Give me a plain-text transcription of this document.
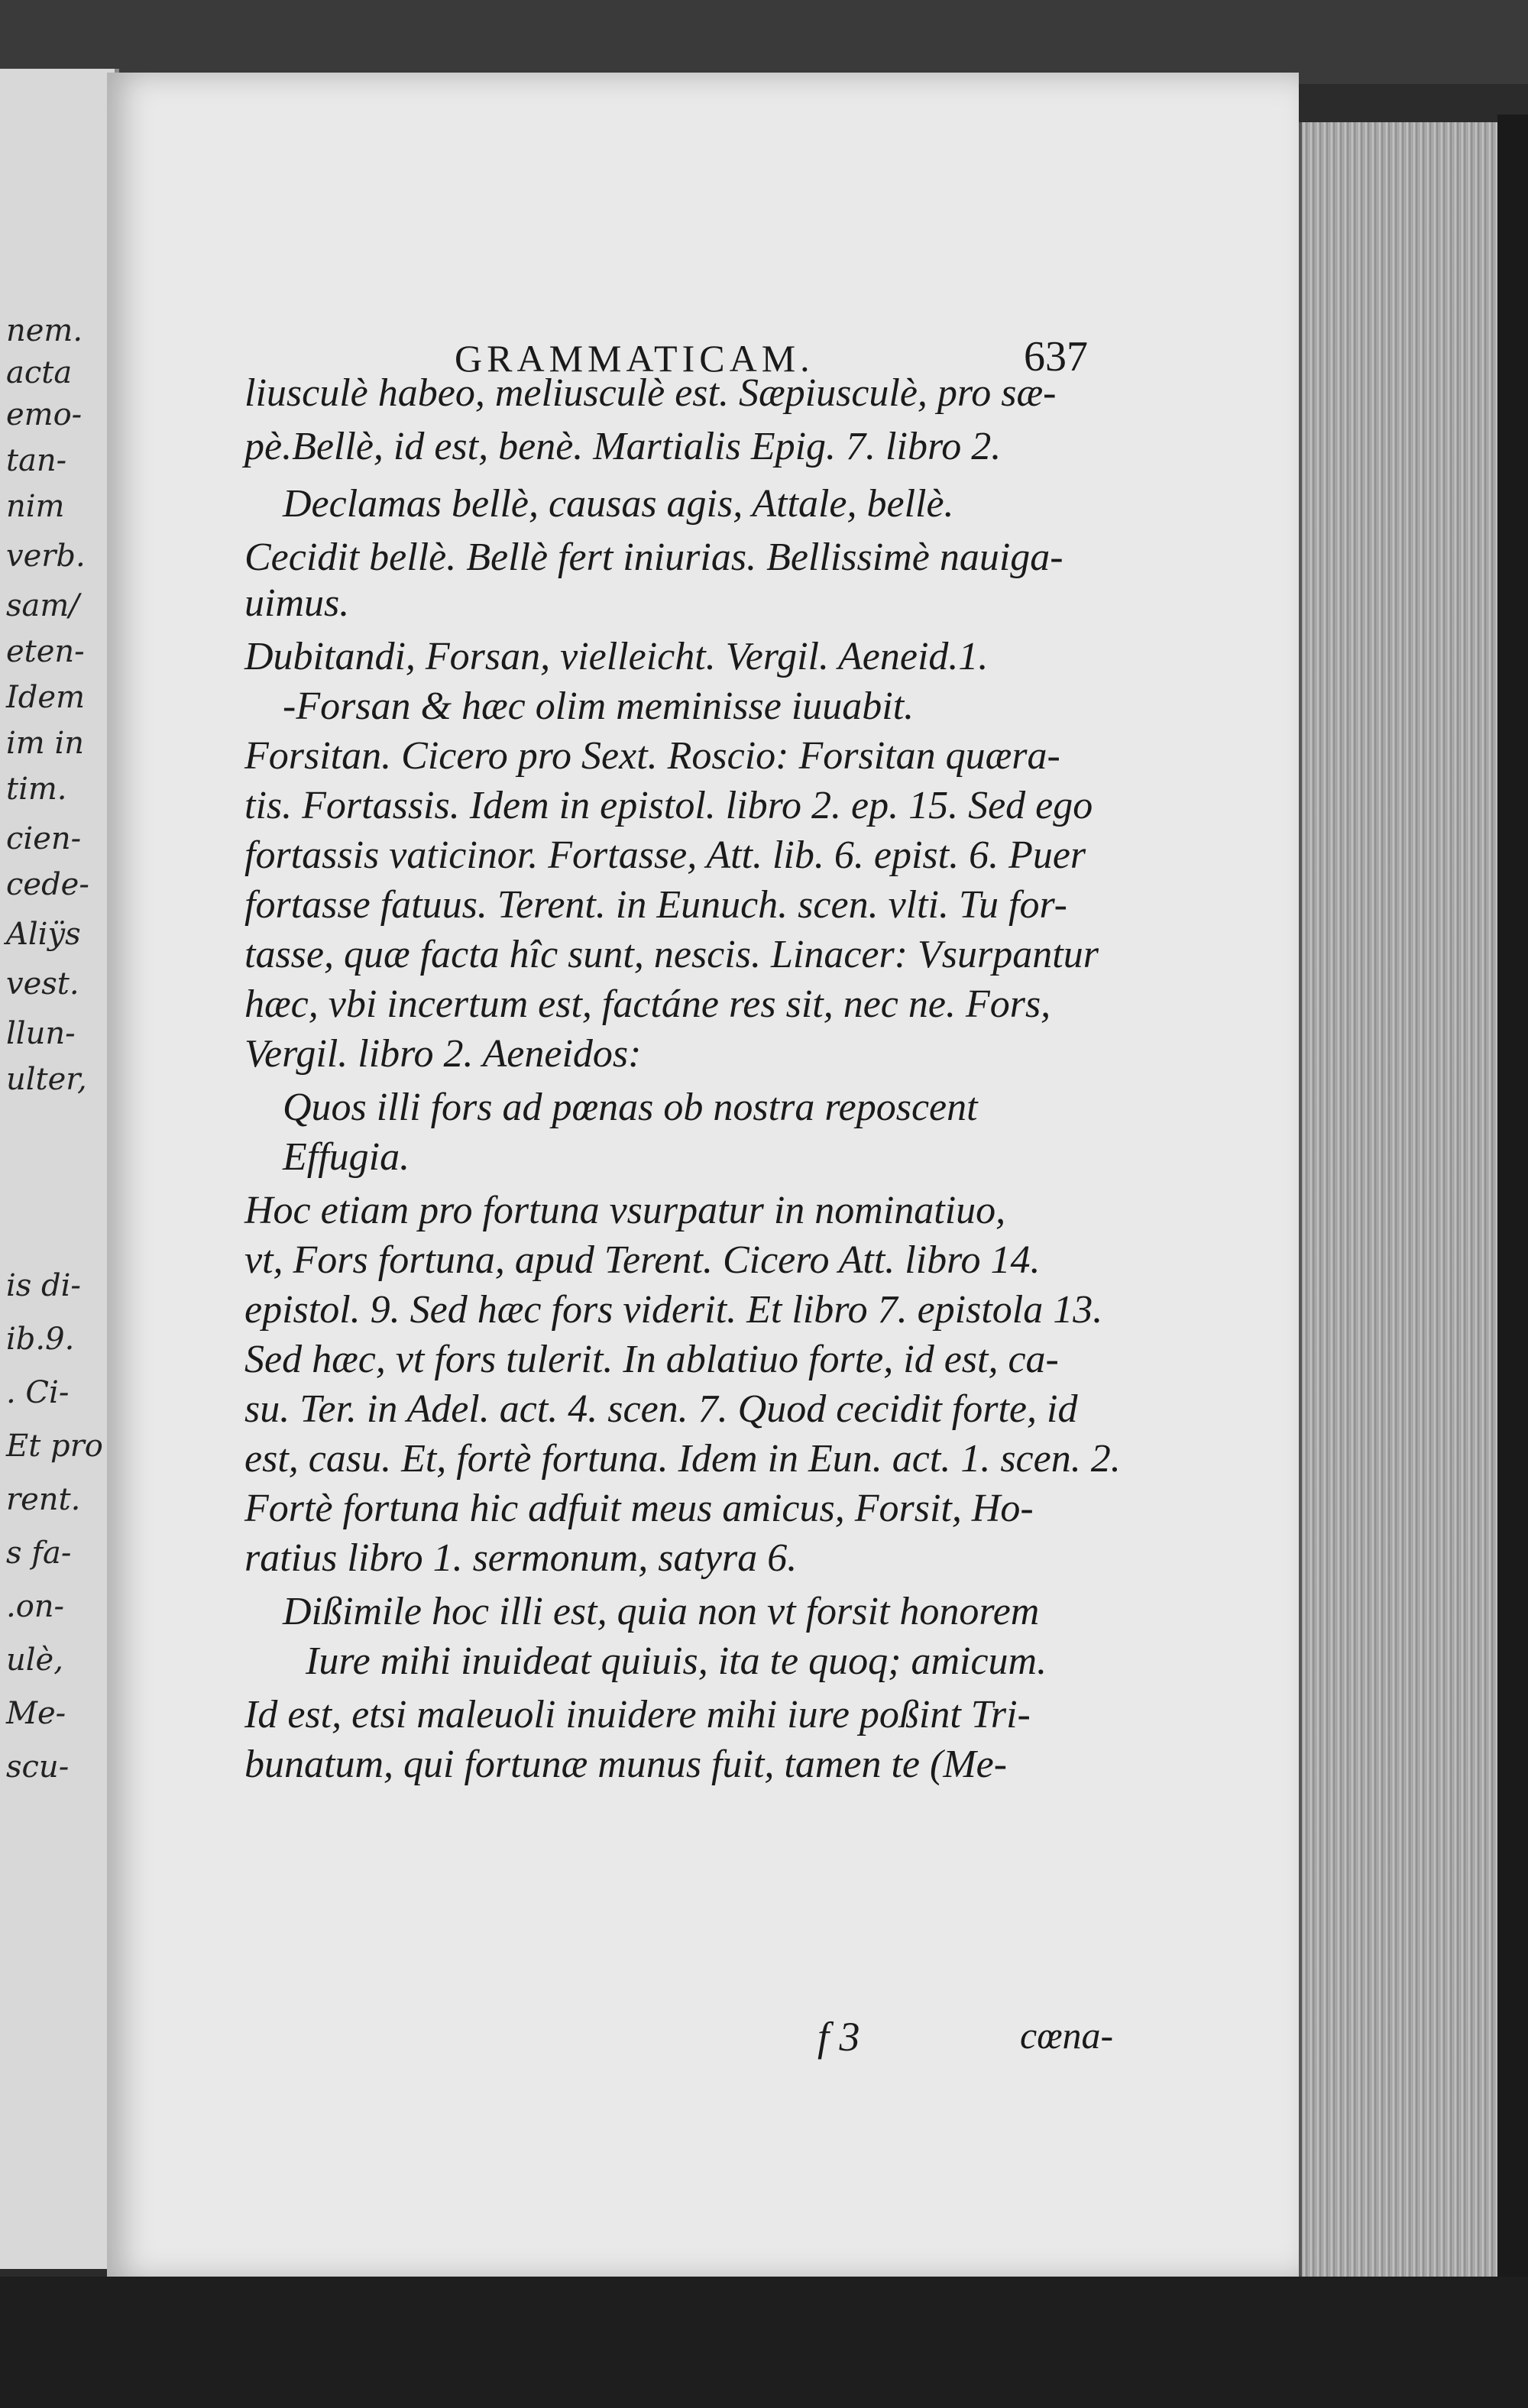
nem.
acta
emo-
tan-
nim
verb.
sam/
eten-
Idem
im in
tim.
cien-
cede-
Aliÿs
vest.
llun-
ulter,
is di-
ib.9.
. Ci-
Et pro
rent.
s fa-
.on-
ulè,
Me-
scu-
GRAMMATICAM.	637
liusculè habeo, meliusculè est. Sæpiusculè, pro sæ-
pè.Bellè, id est, benè. Martialis Epig. 7. libro 2.
Declamas bellè, causas agis, Attale, bellè.
Cecidit bellè. Bellè fert iniurias. Bellissimè nauiga-
uimus.
Dubitandi, Forsan, vielleicht. Vergil. Aeneid.1.
-Forsan & hæc olim meminisse iuuabit.
Forsitan. Cicero pro Sext. Roscio: Forsitan quæra-
tis. Fortassis. Idem in epistol. libro 2. ep. 15. Sed ego
fortassis vaticinor. Fortasse, Att. lib. 6. epist. 6. Puer
fortasse fatuus. Terent. in Eunuch. scen. vlti. Tu for-
tasse, quæ facta hîc sunt, nescis. Linacer: Vsurpantur
hæc, vbi incertum est, factáne res sit, nec ne. Fors,
Vergil. libro 2. Aeneidos:
Quos illi fors ad pœnas ob nostra reposcent
Effugia.
Hoc etiam pro fortuna vsurpatur in nominatiuo,
vt, Fors fortuna, apud Terent. Cicero Att. libro 14.
epistol. 9. Sed hæc fors viderit. Et libro 7. epistola 13.
Sed hæc, vt fors tulerit. In ablatiuo forte, id est, ca-
su. Ter. in Adel. act. 4. scen. 7. Quod cecidit forte, id
est, casu. Et, fortè fortuna. Idem in Eun. act. 1. scen. 2.
Fortè fortuna hic adfuit meus amicus, Forsit, Ho-
ratius libro 1. sermonum, satyra 6.
Dißimile hoc illi est, quia non vt forsit honorem
Iure mihi inuideat quiuis, ita te quoq; amicum.
Id est, etsi maleuoli inuidere mihi iure poßint Tri-
bunatum, qui fortunæ munus fuit, tamen te (Me-
f 3	cœna-
